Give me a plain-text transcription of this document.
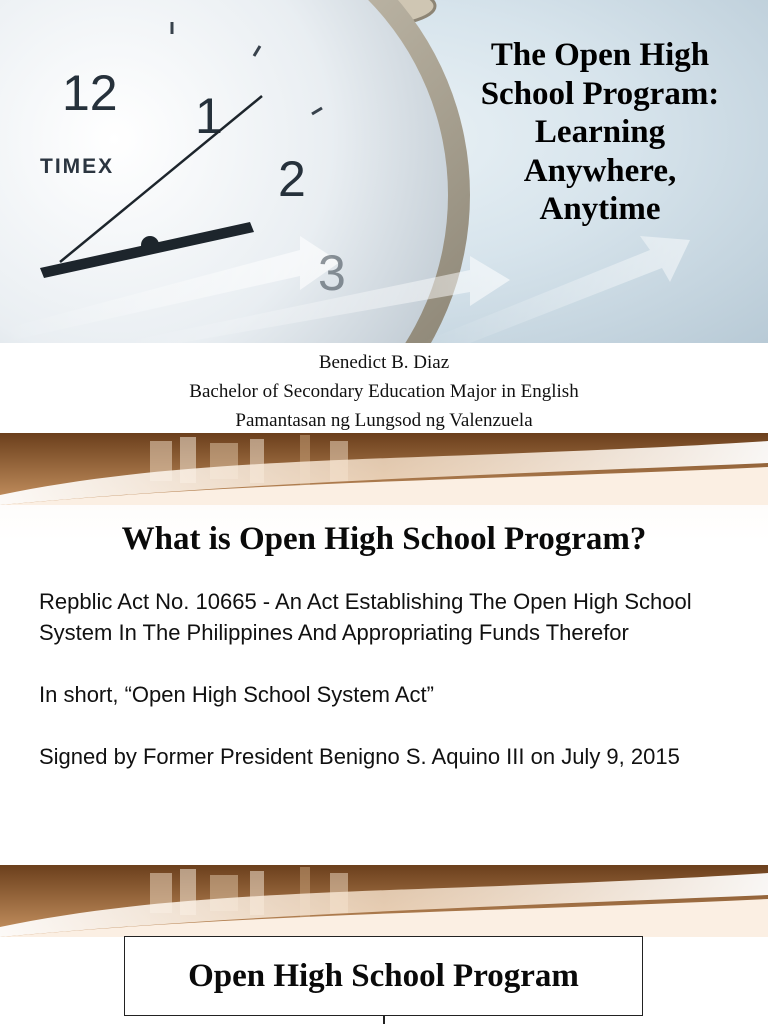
12 1
2
3
TIMEX
The Open High
School Program:
Learning
Anywhere,
Anytime
Benedict B. Diaz
Bachelor of Secondary Education Major in English
Pamantasan ng Lungsod ng Valenzuela
What is Open High School Program?

Repblic Act No. 10665 - An Act Establishing The Open High School System In The Philippines And Appropriating Funds Therefor

In short, “Open High School System Act”

Signed by Former President Benigno S. Aquino III on July 9, 2015

Open High School Program
